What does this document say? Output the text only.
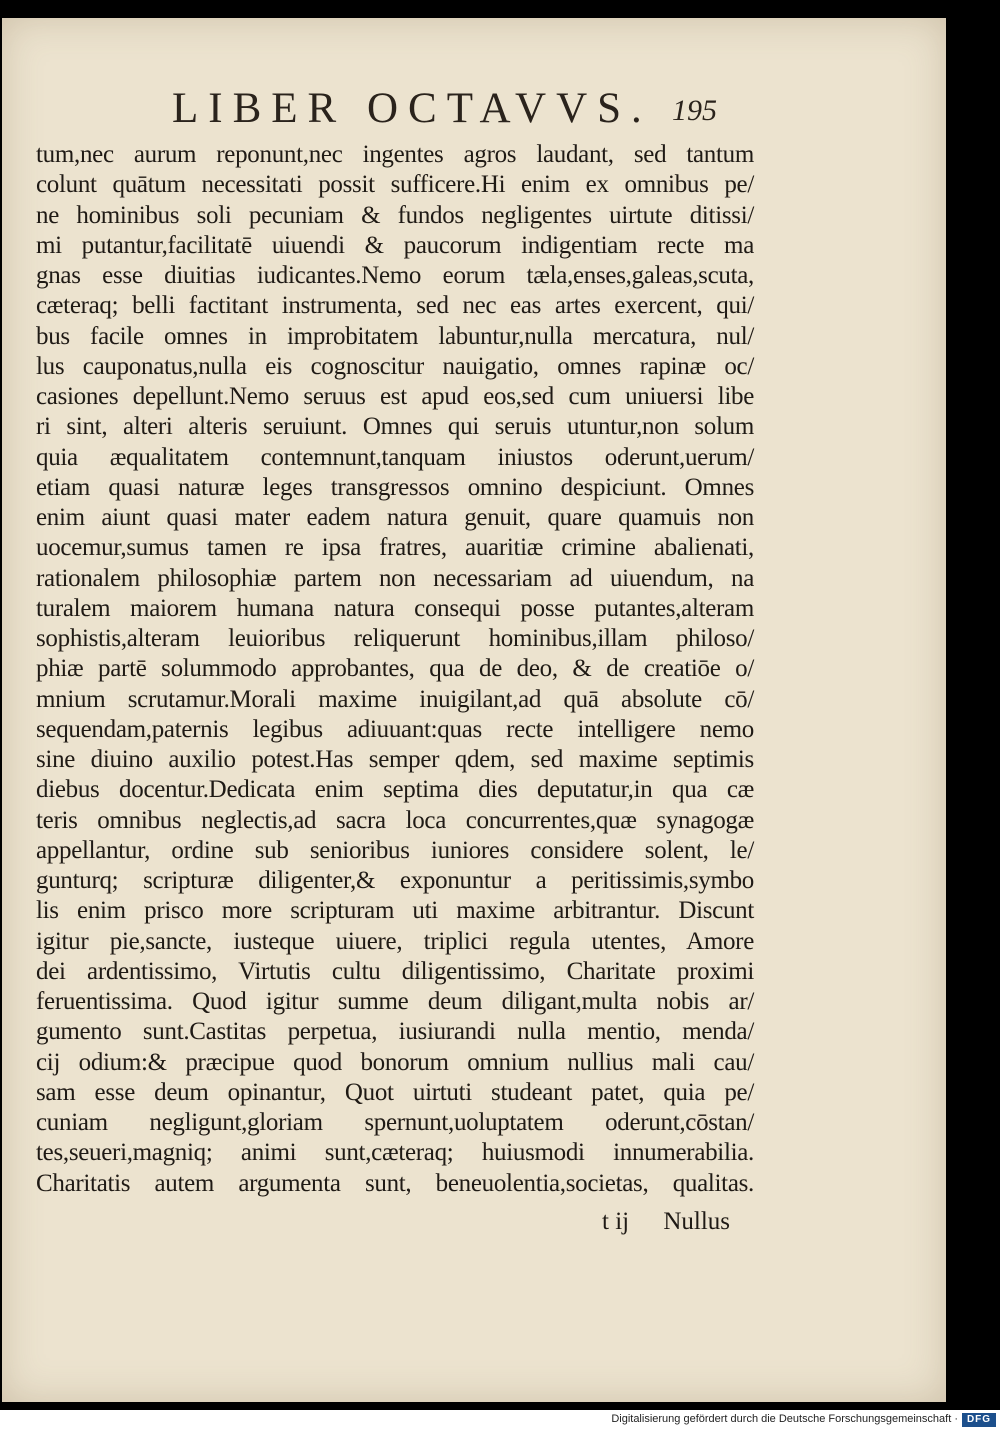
LIBER OCTAVVS. 195
tum,nec aurum reponunt,nec ingentes agros laudant, sed tantum
colunt quātum necessitati possit sufficere.Hi enim ex omnibus pe/
ne hominibus soli pecuniam & fundos negligentes uirtute ditissi/
mi putantur,facilitatē uiuendi & paucorum indigentiam recte ma
gnas esse diuitias iudicantes.Nemo eorum tæla,enses,galeas,scuta,
cæteraq; belli factitant instrumenta, sed nec eas artes exercent, qui/
bus facile omnes in improbitatem labuntur,nulla mercatura, nul/
lus cauponatus,nulla eis cognoscitur nauigatio, omnes rapinæ oc/
casiones depellunt.Nemo seruus est apud eos,sed cum uniuersi libe
ri sint, alteri alteris seruiunt. Omnes qui seruis utuntur,non solum
quia æqualitatem contemnunt,tanquam iniustos oderunt,uerum/
etiam quasi naturæ leges transgressos omnino despiciunt. Omnes
enim aiunt quasi mater eadem natura genuit, quare quamuis non
uocemur,sumus tamen re ipsa fratres, auaritiæ crimine abalienati,
rationalem philosophiæ partem non necessariam ad uiuendum, na
turalem maiorem humana natura consequi posse putantes,alteram
sophistis,alteram leuioribus reliquerunt hominibus,illam philoso/
phiæ partē solummodo approbantes, qua de deo, & de creatiōe o/
mnium scrutamur.Morali maxime inuigilant,ad quā absolute cō/
sequendam,paternis legibus adiuuant:quas recte intelligere nemo
sine diuino auxilio potest.Has semper qdem, sed maxime septimis
diebus docentur.Dedicata enim septima dies deputatur,in qua cæ
teris omnibus neglectis,ad sacra loca concurrentes,quæ synagogæ
appellantur, ordine sub senioribus iuniores considere solent, le/
gunturq; scripturæ diligenter,& exponuntur a peritissimis,symbo
lis enim prisco more scripturam uti maxime arbitrantur. Discunt
igitur pie,sancte, iusteque uiuere, triplici regula utentes, Amore
dei ardentissimo, Virtutis cultu diligentissimo, Charitate proximi
feruentissima. Quod igitur summe deum diligant,multa nobis ar/
gumento sunt.Castitas perpetua, iusiurandi nulla mentio, menda/
cij odium:& præcipue quod bonorum omnium nullius mali cau/
sam esse deum opinantur, Quot uirtuti studeant patet, quia pe/
cuniam negligunt,gloriam spernunt,uoluptatem oderunt,cōstan/
tes,seueri,magniq; animi sunt,cæteraq; huiusmodi innumerabilia.
Charitatis autem argumenta sunt, beneuolentia,societas, qualitas.
t ij Nullus
Digitalisierung gefördert durch die Deutsche Forschungsgemeinschaft · DFG
